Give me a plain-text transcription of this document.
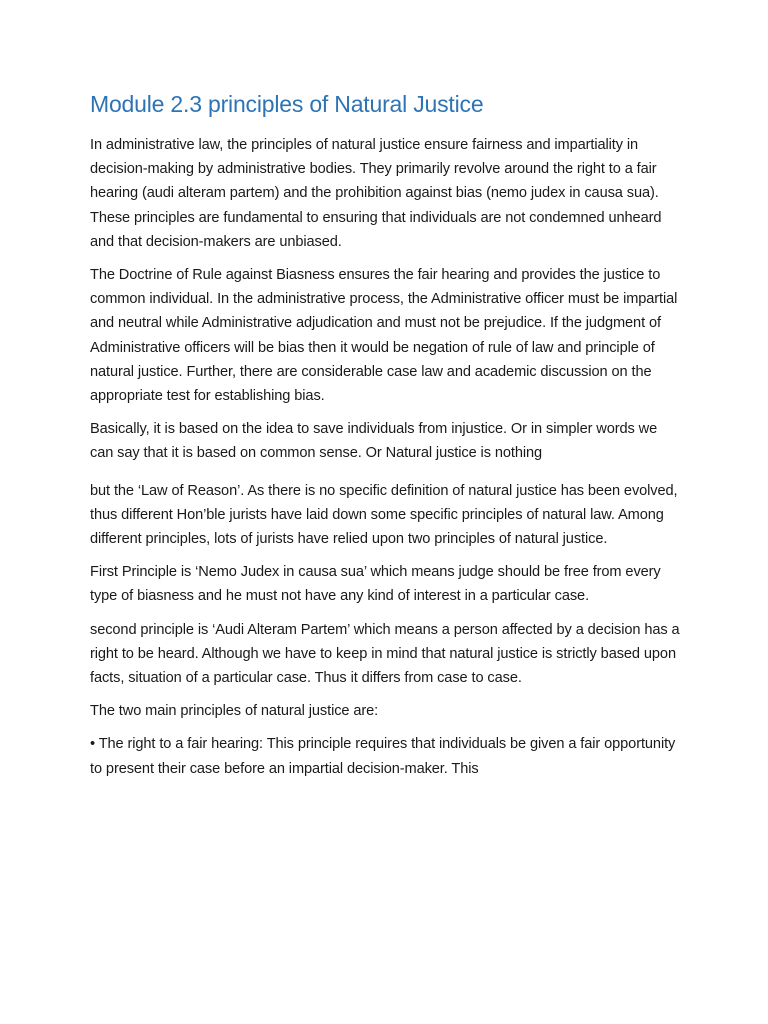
Module 2.3 principles of Natural Justice

In administrative law, the principles of natural justice ensure fairness and impartiality in decision-making by administrative bodies. They primarily revolve around the right to a fair hearing (audi alteram partem) and the prohibition against bias (nemo judex in causa sua). These principles are fundamental to ensuring that individuals are not condemned unheard and that decision-makers are unbiased.

The Doctrine of Rule against Biasness ensures the fair hearing and provides the justice to common individual. In the administrative process, the Administrative officer must be impartial and neutral while Administrative adjudication and must not be prejudice. If the judgment of Administrative officers will be bias then it would be negation of rule of law and principle of natural justice. Further, there are considerable case law and academic discussion on the appropriate test for establishing bias.

Basically, it is based on the idea to save individuals from injustice. Or in simpler words we can say that it is based on common sense. Or Natural justice is nothing

but the ‘Law of Reason’. As there is no specific definition of natural justice has been evolved, thus different Hon’ble jurists have laid down some specific principles of natural law. Among different principles, lots of jurists have relied upon two principles of natural justice.

First Principle is ‘Nemo Judex in causa sua’ which means judge should be free from every type of biasness and he must not have any kind of interest in a particular case.

second principle is ‘Audi Alteram Partem’ which means a person affected by a decision has a right to be heard. Although we have to keep in mind that natural justice is strictly based upon facts, situation of a particular case. Thus it differs from case to case.

The two main principles of natural justice are:

• The right to a fair hearing: This principle requires that individuals be given a fair opportunity to present their case before an impartial decision-maker. This
